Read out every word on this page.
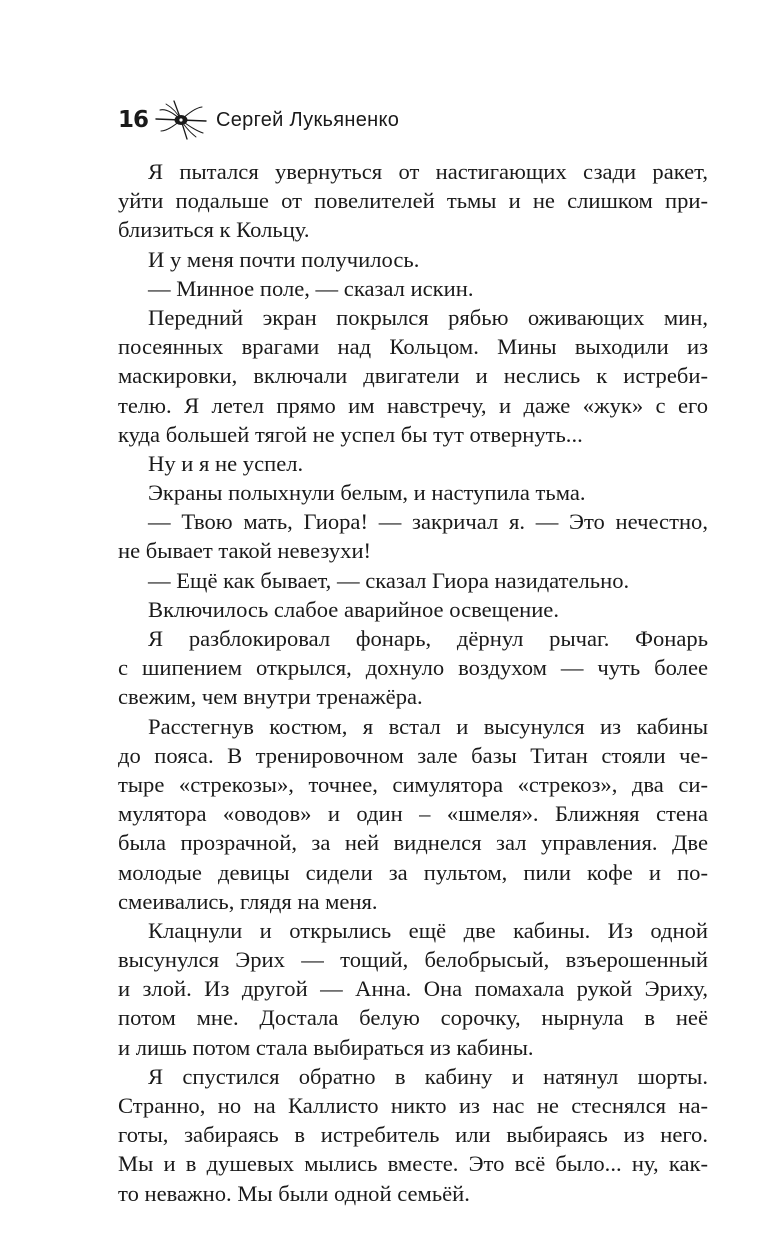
16	Сергей Лукьяненко
Я пытался увернуться от настигающих сзади ракет,
уйти подальше от повелителей тьмы и не слишком при-
близиться к Кольцу.
И у меня почти получилось.
— Минное поле, — сказал искин.
Передний экран покрылся рябью оживающих мин,
посеянных врагами над Кольцом. Мины выходили из
маскировки, включали двигатели и неслись к истреби-
телю. Я летел прямо им навстречу, и даже «жук» с его
куда большей тягой не успел бы тут отвернуть...
Ну и я не успел.
Экраны полыхнули белым, и наступила тьма.
— Твою мать, Гиора! — закричал я. — Это нечестно,
не бывает такой невезухи!
— Ещё как бывает, — сказал Гиора назидательно.
Включилось слабое аварийное освещение.
Я разблокировал фонарь, дёрнул рычаг. Фонарь
с шипением открылся, дохнуло воздухом — чуть более
свежим, чем внутри тренажёра.
Расстегнув костюм, я встал и высунулся из кабины
до пояса. В тренировочном зале базы Титан стояли че-
тыре «стрекозы», точнее, симулятора «стрекоз», два си-
мулятора «оводов» и один – «шмеля». Ближняя стена
была прозрачной, за ней виднелся зал управления. Две
молодые девицы сидели за пультом, пили кофе и по-
смеивались, глядя на меня.
Клацнули и открылись ещё две кабины. Из одной
высунулся Эрих — тощий, белобрысый, взъерошенный
и злой. Из другой — Анна. Она помахала рукой Эриху,
потом мне. Достала белую сорочку, нырнула в неё
и лишь потом стала выбираться из кабины.
Я спустился обратно в кабину и натянул шорты.
Странно, но на Каллисто никто из нас не стеснялся на-
готы, забираясь в истребитель или выбираясь из него.
Мы и в душевых мылись вместе. Это всё было... ну, как-
то неважно. Мы были одной семьёй.
